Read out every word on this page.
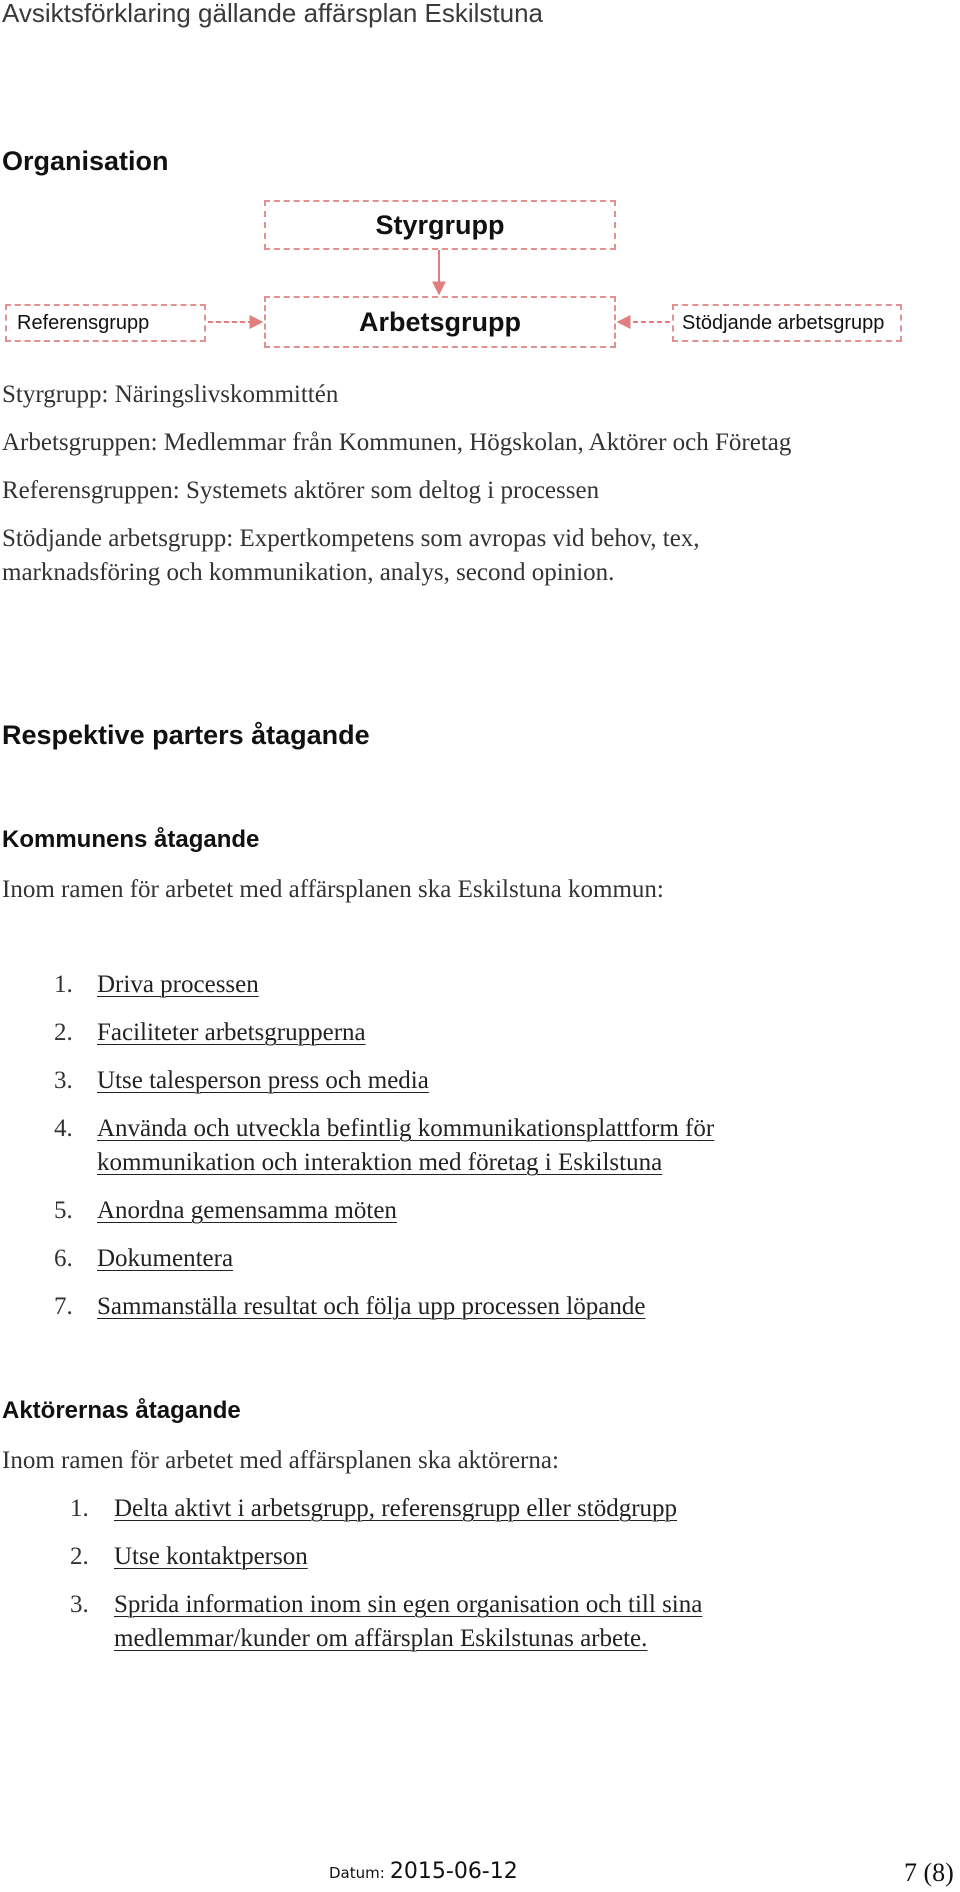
Avsiktsförklaring gällande affärsplan Eskilstuna
Organisation
Styrgrupp
Arbetsgrupp
Referensgrupp	Stödjande arbetsgrupp
Styrgrupp: Näringslivskommittén
Arbetsgruppen: Medlemmar från Kommunen, Högskolan, Aktörer och Företag
Referensgruppen: Systemets aktörer som deltog i processen
Stödjande arbetsgrupp: Expertkompetens som avropas vid behov, tex,
marknadsföring och kommunikation, analys, second opinion.
Respektive parters åtagande
Kommunens åtagande
Inom ramen för arbetet med affärsplanen ska Eskilstuna kommun:
1. Driva processen
2. Faciliteter arbetsgrupperna
3. Utse talesperson press och media
4. Använda och utveckla befintlig kommunikationsplattform för
kommunikation och interaktion med företag i Eskilstuna
5. Anordna gemensamma möten
6. Dokumentera
7. Sammanställa resultat och följa upp processen löpande
Aktörernas åtagande
Inom ramen för arbetet med affärsplanen ska aktörerna:
1. Delta aktivt i arbetsgrupp, referensgrupp eller stödgrupp
2. Utse kontaktperson
3. Sprida information inom sin egen organisation och till sina
medlemmar/kunder om affärsplan Eskilstunas arbete.
Datum: 2015-06-12	7 (8)
